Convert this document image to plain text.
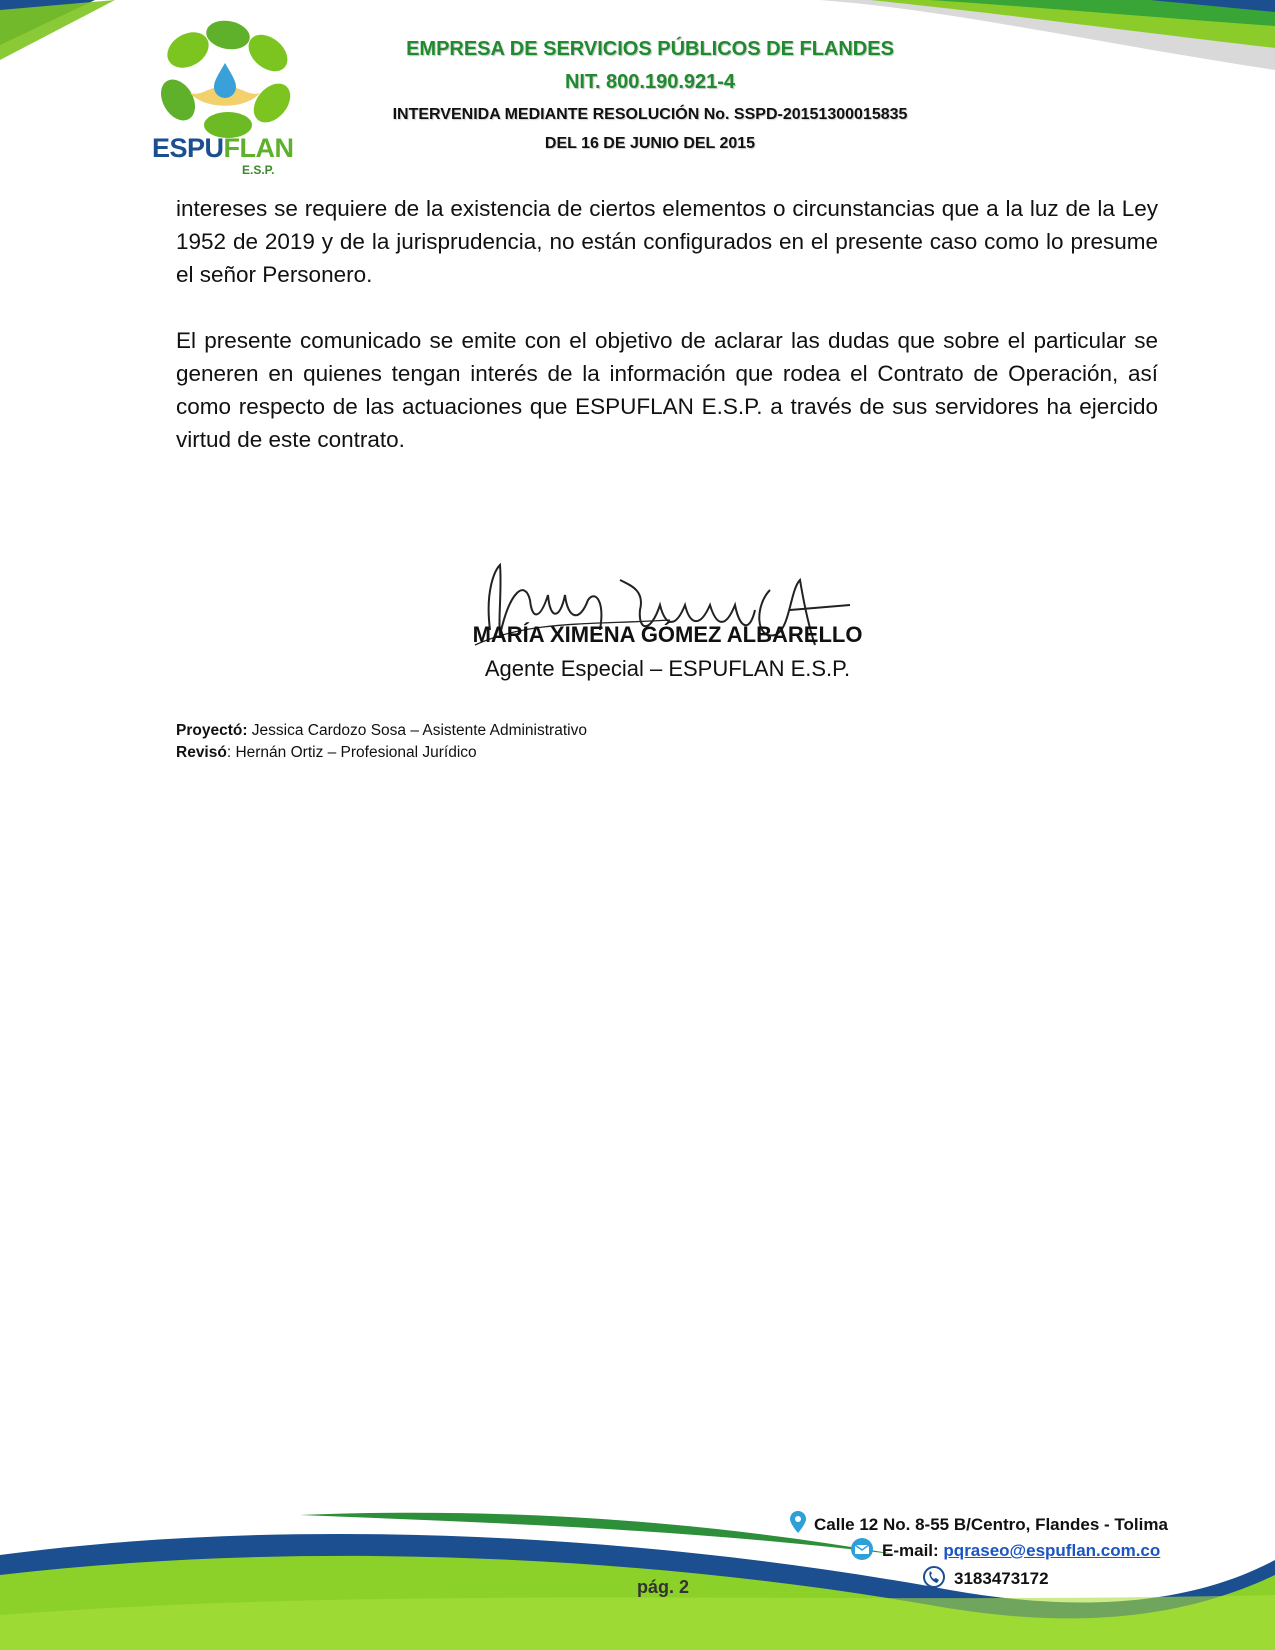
ESPUFLAN
E.S.P.
EMPRESA DE SERVICIOS PÚBLICOS DE FLANDES
NIT. 800.190.921-4
INTERVENIDA MEDIANTE RESOLUCIÓN No. SSPD-20151300015835
DEL 16 DE JUNIO DEL 2015

intereses se requiere de la existencia de ciertos elementos o circunstancias que a la luz de la Ley 1952 de 2019 y de la jurisprudencia, no están configurados en el presente caso como lo presume el señor Personero.

El presente comunicado se emite con el objetivo de aclarar las dudas que sobre el particular se generen en quienes tengan interés de la información que rodea el Contrato de Operación, así como respecto de las actuaciones que ESPUFLAN E.S.P. a través de sus servidores ha ejercido virtud de este contrato.

MARÍA XIMENA GÓMEZ ALBARELLO
Agente Especial – ESPUFLAN E.S.P.
Proyectó: Jessica Cardozo Sosa – Asistente Administrativo
Revisó: Hernán Ortiz – Profesional Jurídico
Calle 12 No. 8-55 B/Centro, Flandes - Tolima
E-mail: pqraseo@espuflan.com.co
3183473172
pág. 2
